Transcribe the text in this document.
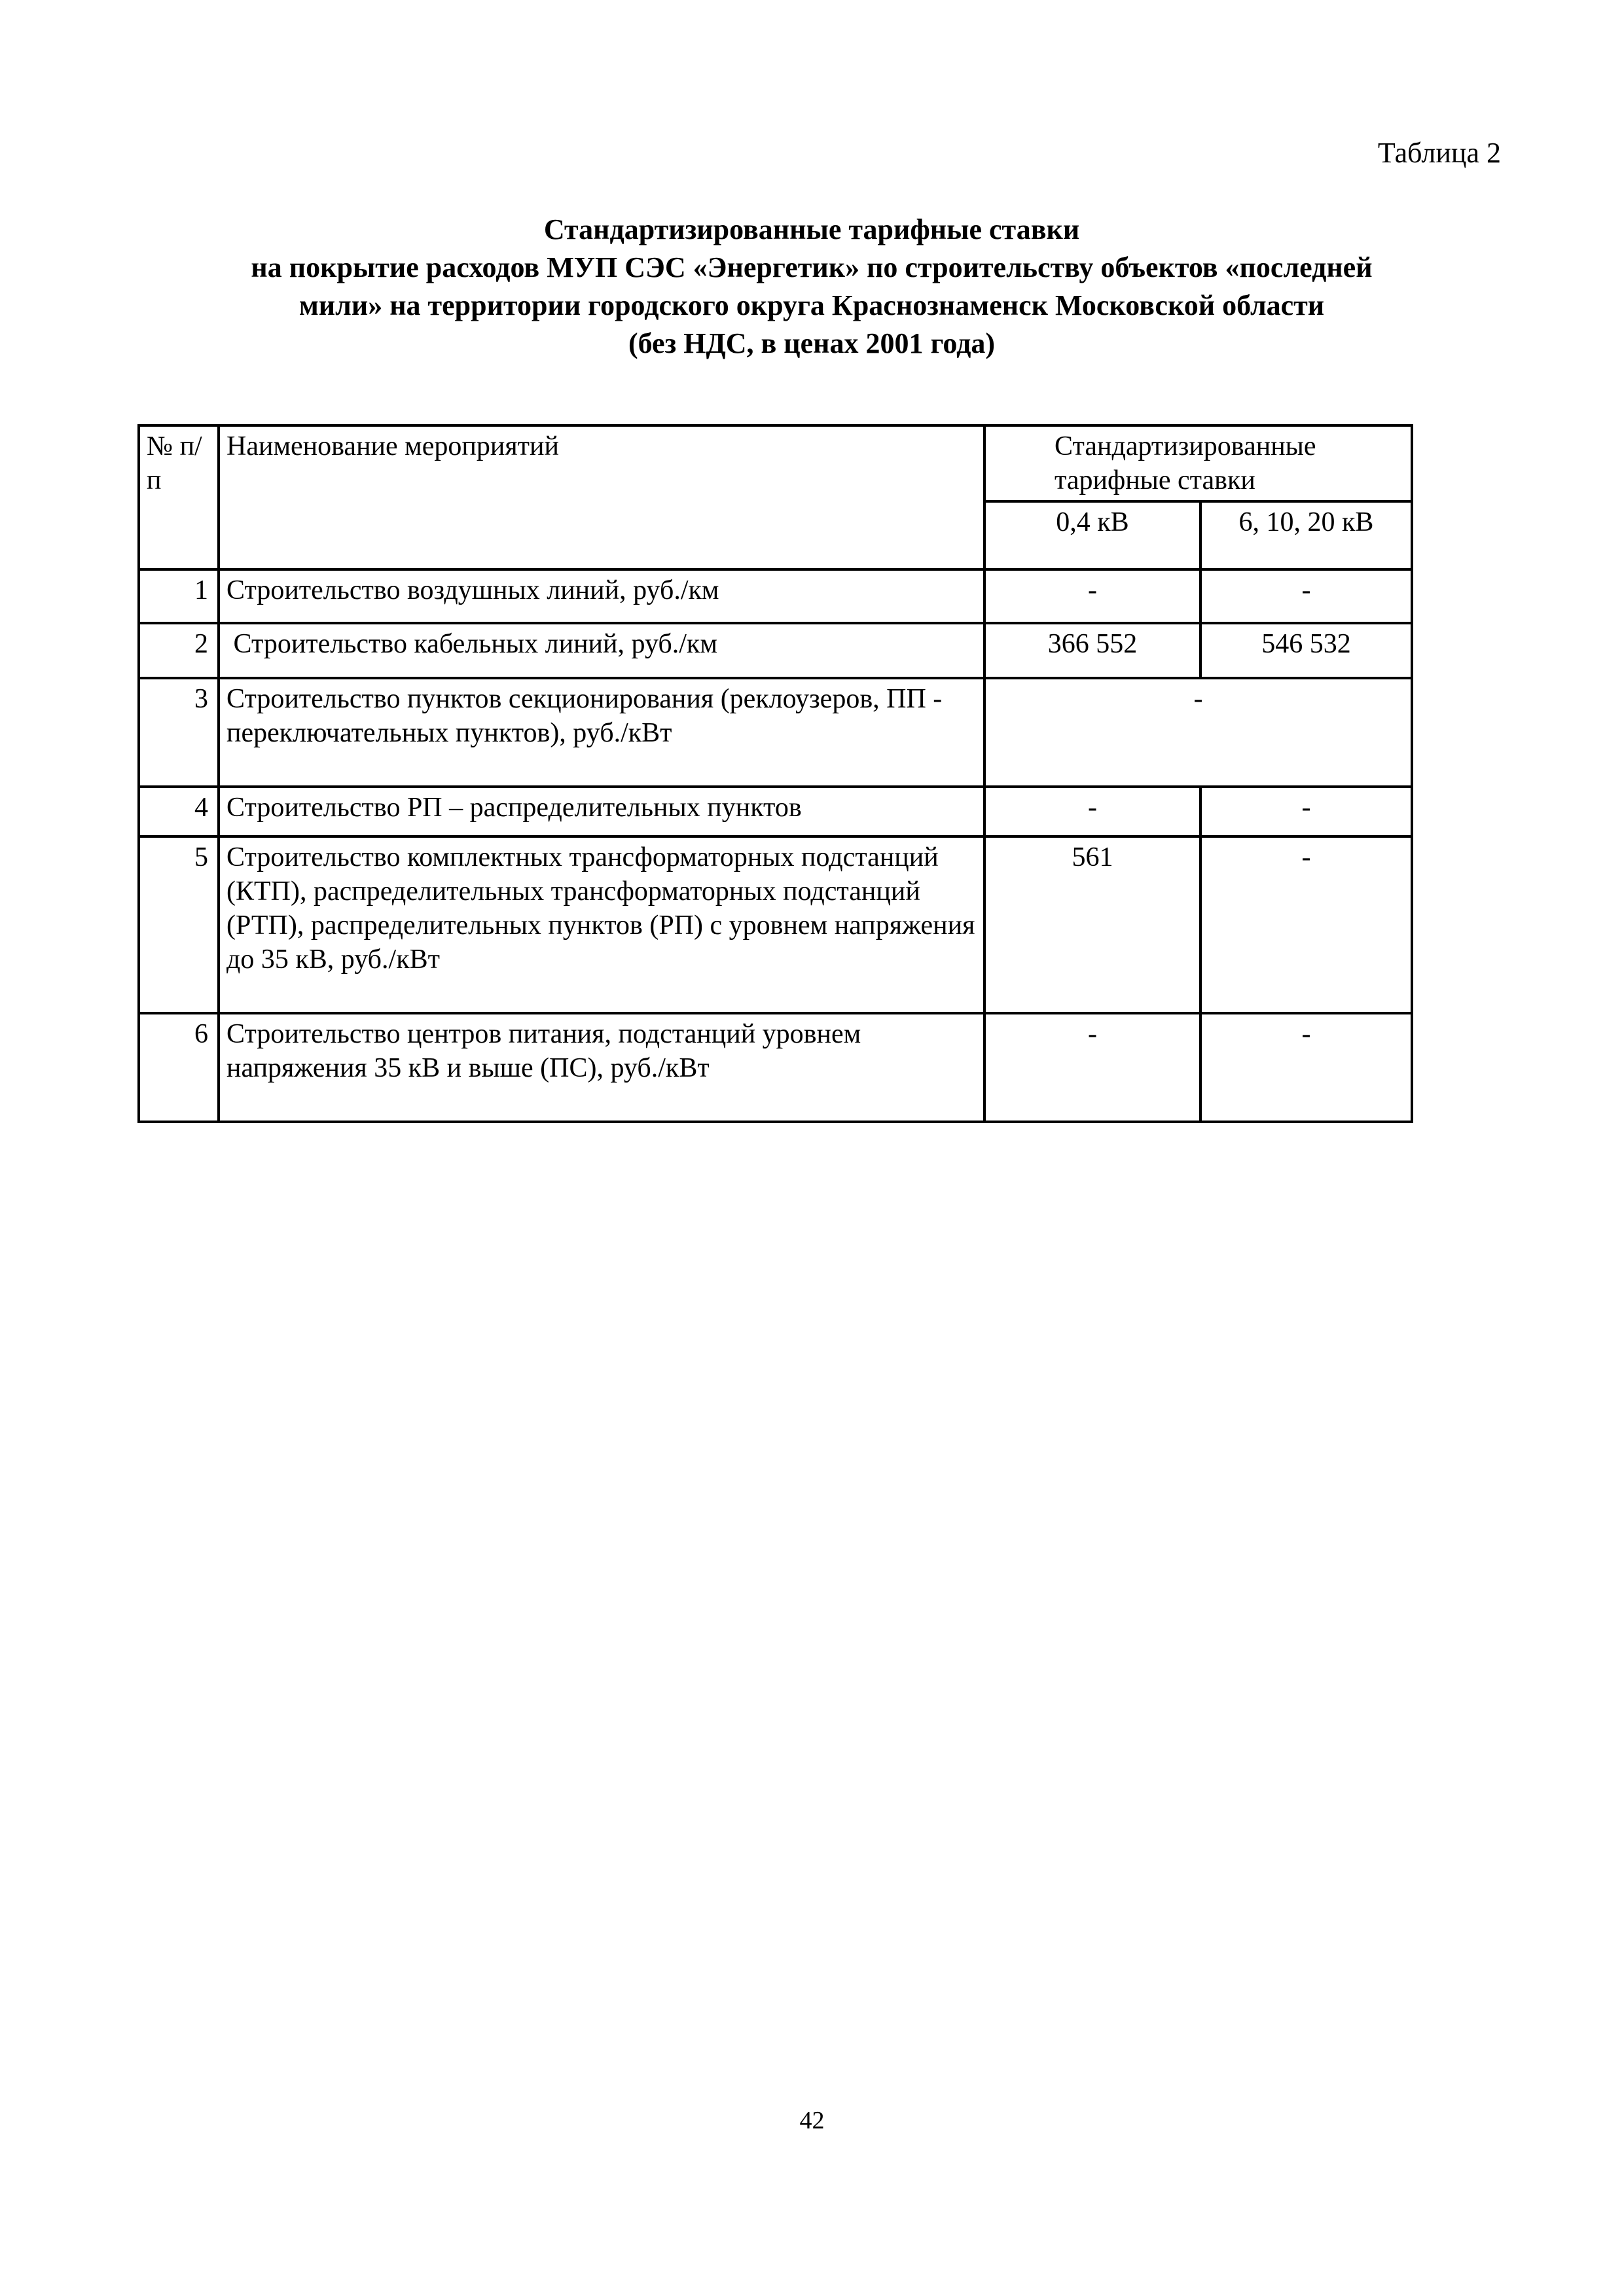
Таблица 2
Стандартизированные тарифные ставки
на покрытие расходов МУП СЭС «Энергетик» по строительству объектов «последней
мили» на территории городского округа Краснознаменск Московской области
(без НДС, в ценах 2001 года)
№ п/п	Наименование мероприятий	Стандартизированные тарифные ставки	
		0,4 кВ	6, 10, 20 кВ
1	Строительство воздушных линий, руб./км	-	-
2	Строительство кабельных линий, руб./км	366 552	546 532
3	Строительство пунктов секционирования (реклоузеров, ПП - переключательных пунктов), руб./кВт	-	
4	Строительство РП – распределительных пунктов	-	-
5	Строительство комплектных трансформаторных подстанций (КТП), распределительных трансформаторных подстанций (РТП), распределительных пунктов (РП) с уровнем напряжения до 35 кВ, руб./кВт	561	-
6	Строительство центров питания, подстанций уровнем напряжения 35 кВ и выше (ПС), руб./кВт	-	-
42
